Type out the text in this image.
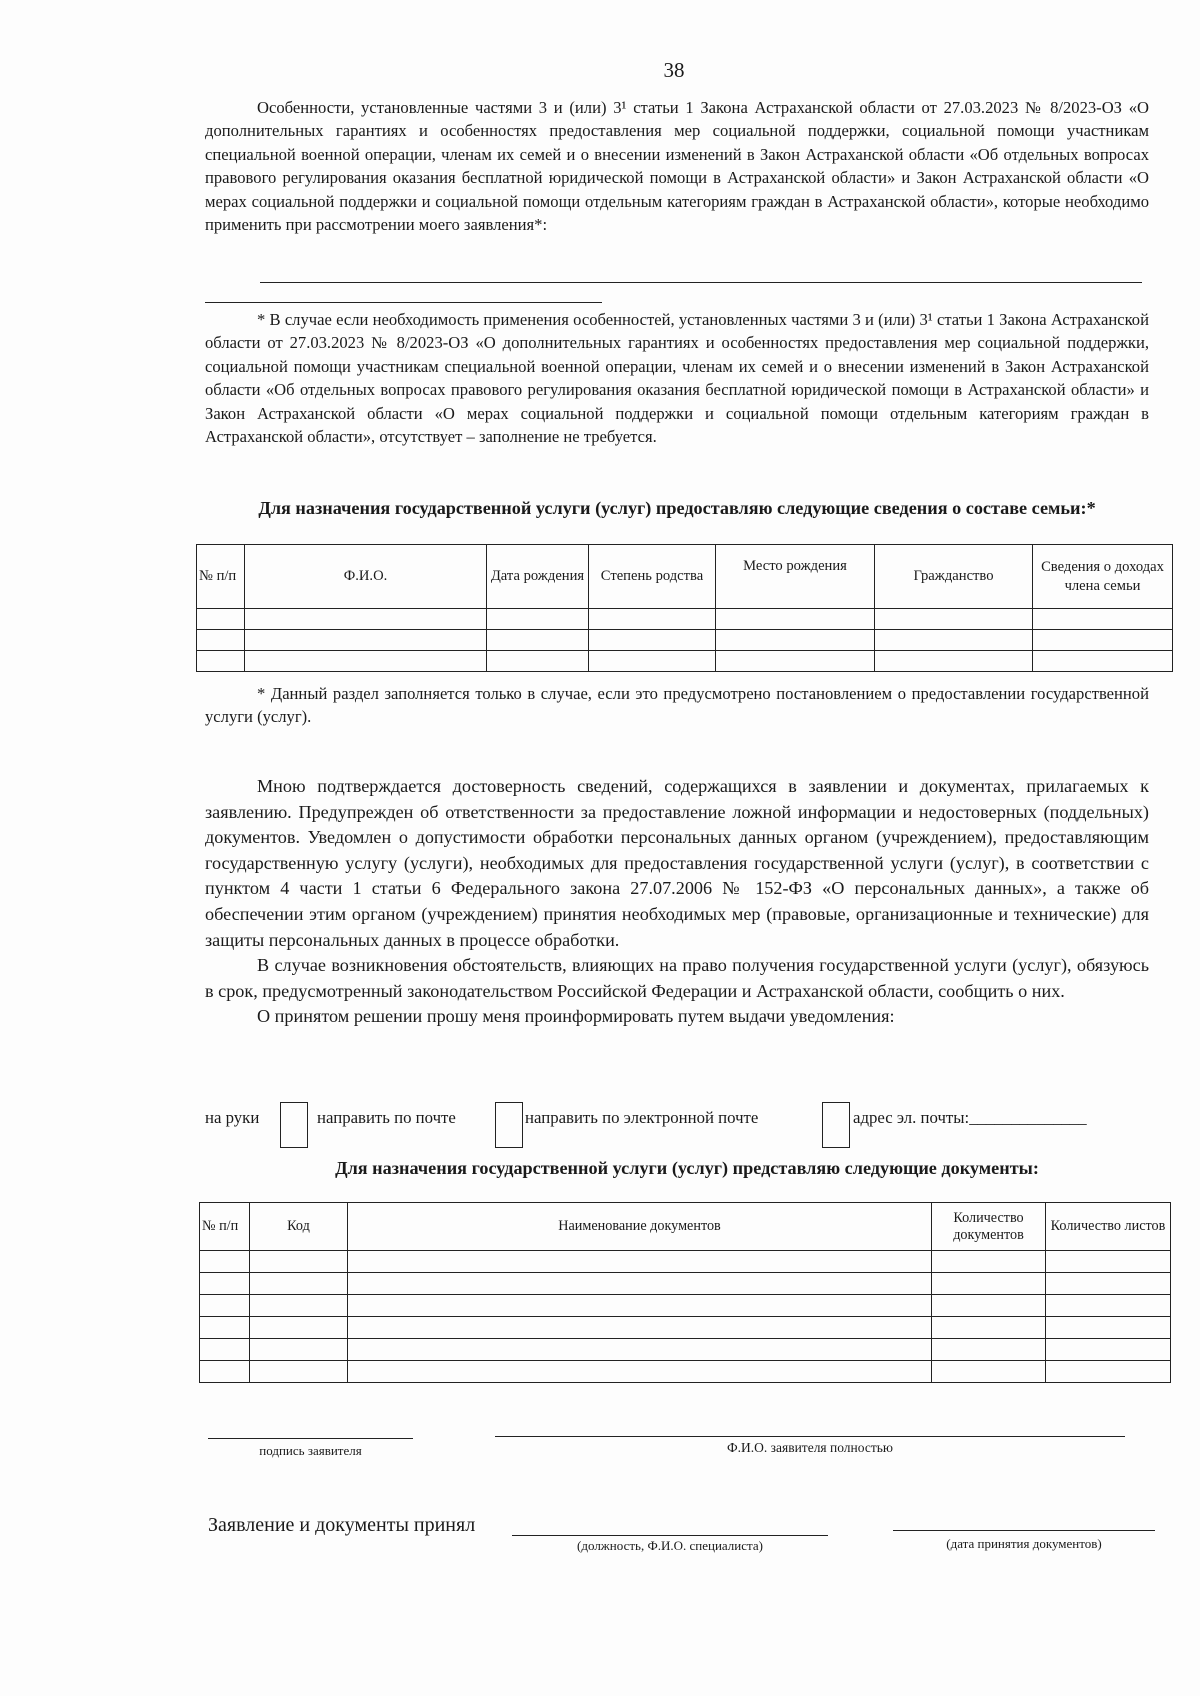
38

Особенности, установленные частями 3 и (или) 3¹ статьи 1 Закона Астраханской области от 27.03.2023 № 8/2023-ОЗ «О дополнительных гарантиях и особенностях предоставления мер социальной поддержки, социальной помощи участникам специальной военной операции, членам их семей и о внесении изменений в Закон Астраханской области «Об отдельных вопросах правового регулирования оказания бесплатной юридической помощи в Астраханской области» и Закон Астраханской области «О мерах социальной поддержки и социальной помощи отдельным категориям граждан в Астраханской области», которые необходимо применить при рассмотрении моего заявления*:

* В случае если необходимость применения особенностей, установленных частями 3 и (или) 3¹ статьи 1 Закона Астраханской области от 27.03.2023 № 8/2023-ОЗ «О дополнительных гарантиях и особенностях предоставления мер социальной поддержки, социальной помощи участникам специальной военной операции, членам их семей и о внесении изменений в Закон Астраханской области «Об отдельных вопросах правового регулирования оказания бесплатной юридической помощи в Астраханской области» и Закон Астраханской области «О мерах социальной поддержки и социальной помощи отдельным категориям граждан в Астраханской области», отсутствует – заполнение не требуется.

Для назначения государственной услуги (услуг) предоставляю следующие сведения о составе семьи:*
№ п/п	Ф.И.О.	Дата рождения	Степень родства	Место рождения	Гражданство	Сведения о доходах члена семьи

* Данный раздел заполняется только в случае, если это предусмотрено постановлением о предоставлении государственной услуги (услуг).

Мною подтверждается достоверность сведений, содержащихся в заявлении и документах, прилагаемых к заявлению. Предупрежден об ответственности за предоставление ложной информации и недостоверных (поддельных) документов. Уведомлен о допустимости обработки персональных данных органом (учреждением), предоставляющим государственную услугу (услуги), необходимых для предоставления государственной услуги (услуг), в соответствии с пунктом 4 части 1 статьи 6 Федерального закона 27.07.2006 № 152-ФЗ «О персональных данных», а также об обеспечении этим органом (учреждением) принятия необходимых мер (правовые, организационные и технические) для защиты персональных данных в процессе обработки.

В случае возникновения обстоятельств, влияющих на право получения государственной услуги (услуг), обязуюсь в срок, предусмотренный законодательством Российской Федерации и Астраханской области, сообщить о них.

О принятом решении прошу меня проинформировать путем выдачи уведомления:

на руки	направить по почте	направить по электронной почте	адрес эл. почты:______________
Для назначения государственной услуги (услуг) представляю следующие документы:
№ п/п	Код	Наименование документов	Количество документов	Количество листов

подпись заявителя	Ф.И.О. заявителя полностью
Заявление и документы принял
(должность, Ф.И.О. специалиста)	(дата принятия документов)
